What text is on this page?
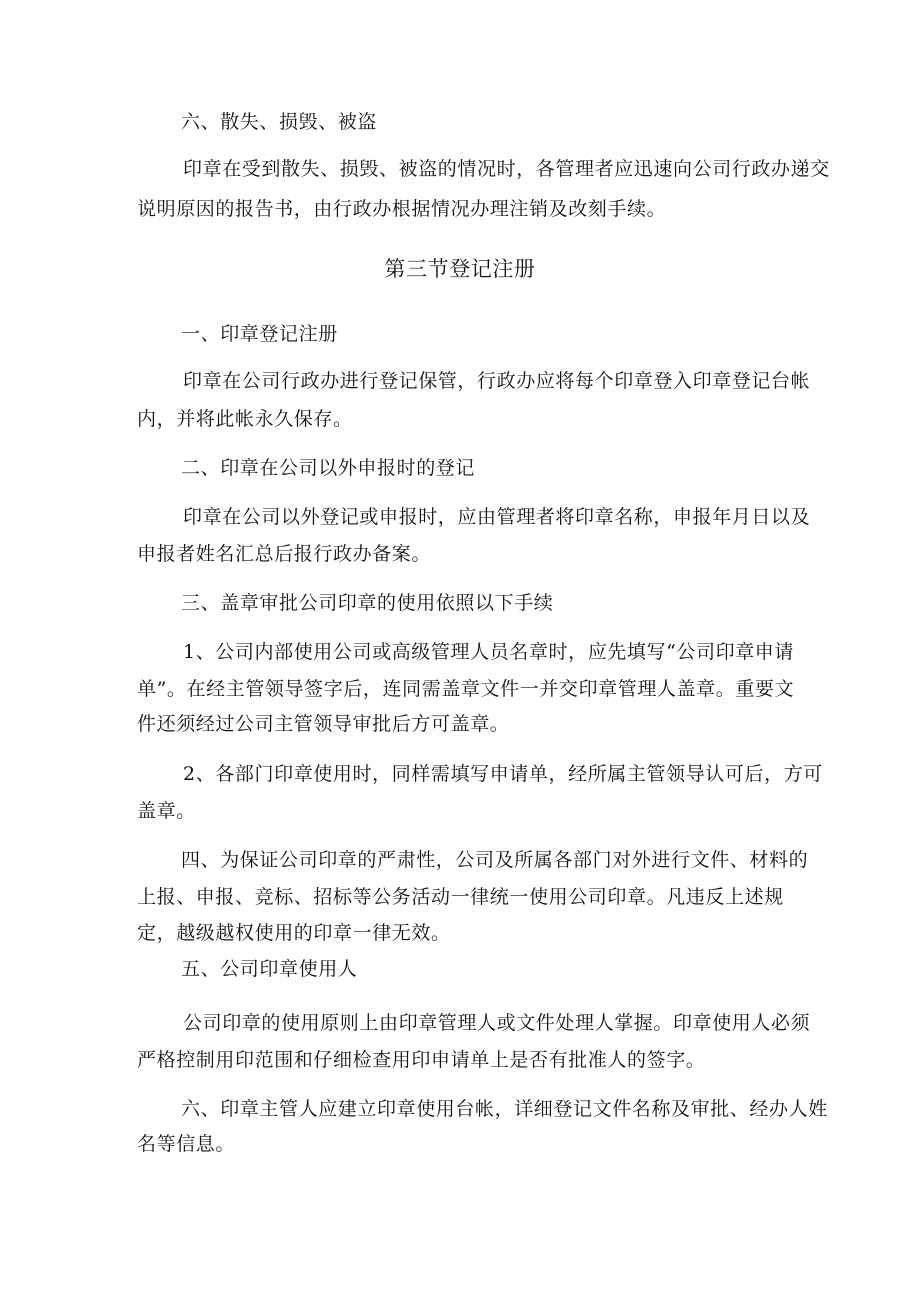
六、散失、损毁、被盗
印章在受到散失、损毁、被盗的情况时，各管理者应迅速向公司行政办递交
说明原因的报告书，由行政办根据情况办理注销及改刻手续。
第三节登记注册
一、印章登记注册
印章在公司行政办进行登记保管，行政办应将每个印章登入印章登记台帐
内，并将此帐永久保存。
二、印章在公司以外申报时的登记
印章在公司以外登记或申报时，应由管理者将印章名称，申报年月日以及
申报者姓名汇总后报行政办备案。
三、盖章审批公司印章的使用依照以下手续
1、公司内部使用公司或高级管理人员名章时，应先填写“公司印章申请
单”。在经主管领导签字后，连同需盖章文件一并交印章管理人盖章。重要文
件还须经过公司主管领导审批后方可盖章。
2、各部门印章使用时，同样需填写申请单，经所属主管领导认可后，方可
盖章。
四、为保证公司印章的严肃性，公司及所属各部门对外进行文件、材料的
上报、申报、竞标、招标等公务活动一律统一使用公司印章。凡违反上述规
定，越级越权使用的印章一律无效。
五、公司印章使用人
公司印章的使用原则上由印章管理人或文件处理人掌握。印章使用人必须
严格控制用印范围和仔细检查用印申请单上是否有批准人的签字。
六、印章主管人应建立印章使用台帐，详细登记文件名称及审批、经办人姓
名等信息。
